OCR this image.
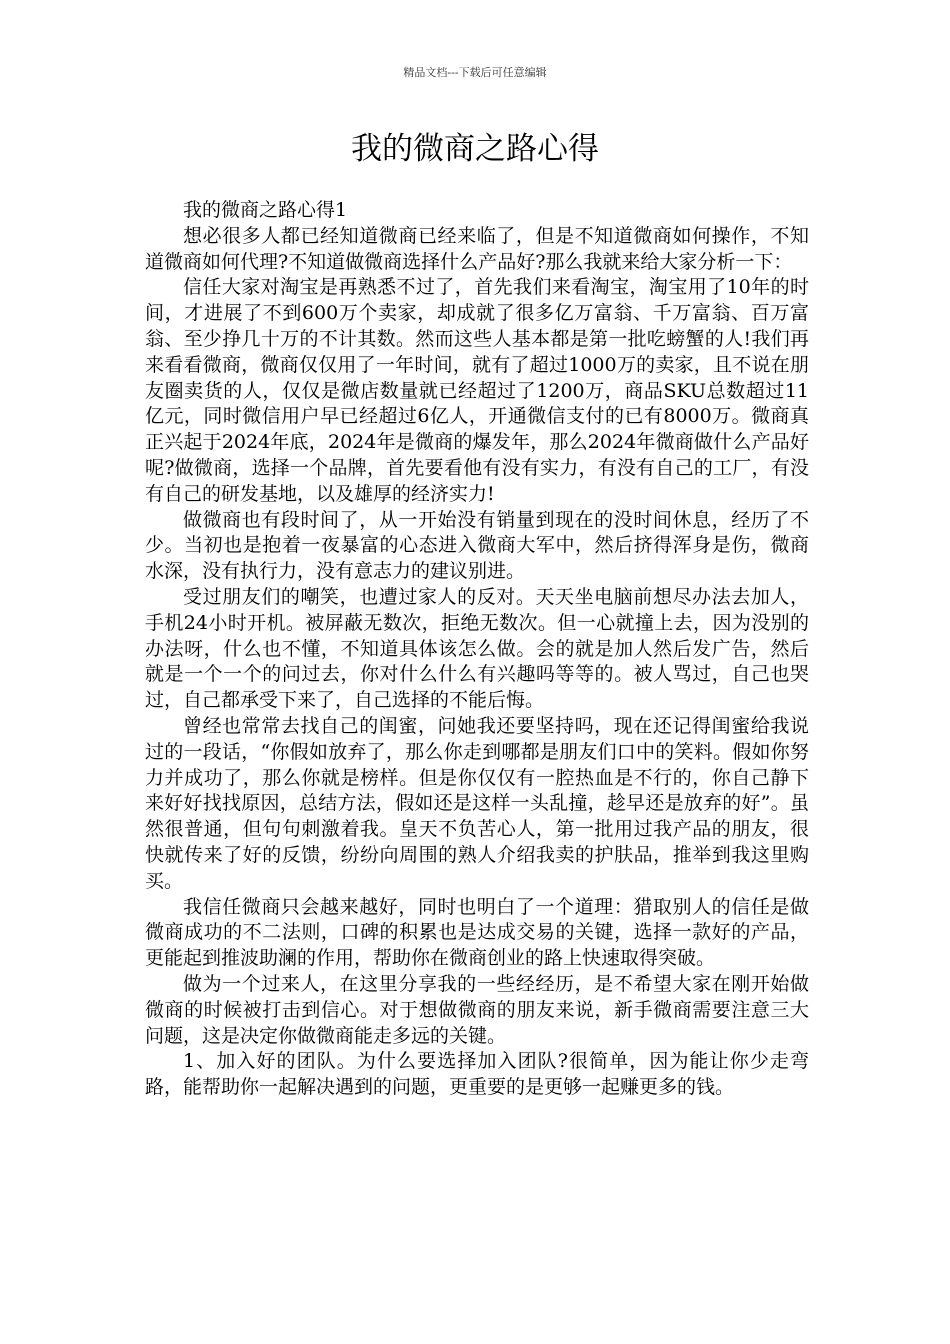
精品文档---下载后可任意编辑
我的微商之路心得

我的微商之路心得1

想必很多人都已经知道微商已经来临了，但是不知道微商如何操作，不知道微商如何代理?不知道做微商选择什么产品好?那么我就来给大家分析一下：

信任大家对淘宝是再熟悉不过了，首先我们来看淘宝，淘宝用了10年的时间，才进展了不到600万个卖家，却成就了很多亿万富翁、千万富翁、百万富翁、至少挣几十万的不计其数。然而这些人基本都是第一批吃螃蟹的人!我们再来看看微商，微商仅仅用了一年时间，就有了超过1000万的卖家，且不说在朋友圈卖货的人，仅仅是微店数量就已经超过了1200万，商品SKU总数超过11亿元，同时微信用户早已经超过6亿人，开通微信支付的已有8000万。微商真正兴起于2024年底，2024年是微商的爆发年，那么2024年微商做什么产品好呢?做微商，选择一个品牌，首先要看他有没有实力，有没有自己的工厂，有没有自己的研发基地，以及雄厚的经济实力!

做微商也有段时间了，从一开始没有销量到现在的没时间休息，经历了不少。当初也是抱着一夜暴富的心态进入微商大军中，然后挤得浑身是伤，微商水深，没有执行力，没有意志力的建议别进。

受过朋友们的嘲笑，也遭过家人的反对。天天坐电脑前想尽办法去加人，手机24小时开机。被屏蔽无数次，拒绝无数次。但一心就撞上去，因为没别的办法呀，什么也不懂，不知道具体该怎么做。会的就是加人然后发广告，然后就是一个一个的问过去，你对什么什么有兴趣吗等等的。被人骂过，自己也哭过，自己都承受下来了，自己选择的不能后悔。

曾经也常常去找自己的闺蜜，问她我还要坚持吗，现在还记得闺蜜给我说过的一段话，“你假如放弃了，那么你走到哪都是朋友们口中的笑料。假如你努力并成功了，那么你就是榜样。但是你仅仅有一腔热血是不行的，你自己静下来好好找找原因，总结方法，假如还是这样一头乱撞，趁早还是放弃的好”。虽然很普通，但句句刺激着我。皇天不负苦心人，第一批用过我产品的朋友，很快就传来了好的反馈，纷纷向周围的熟人介绍我卖的护肤品，推举到我这里购买。

我信任微商只会越来越好，同时也明白了一个道理：猎取别人的信任是做微商成功的不二法则，口碑的积累也是达成交易的关键，选择一款好的产品，更能起到推波助澜的作用，帮助你在微商创业的路上快速取得突破。

做为一个过来人，在这里分享我的一些经经历，是不希望大家在刚开始做微商的时候被打击到信心。对于想做微商的朋友来说，新手微商需要注意三大问题，这是决定你做微商能走多远的关键。

1、加入好的团队。为什么要选择加入团队?很简单，因为能让你少走弯路，能帮助你一起解决遇到的问题，更重要的是更够一起赚更多的钱。
